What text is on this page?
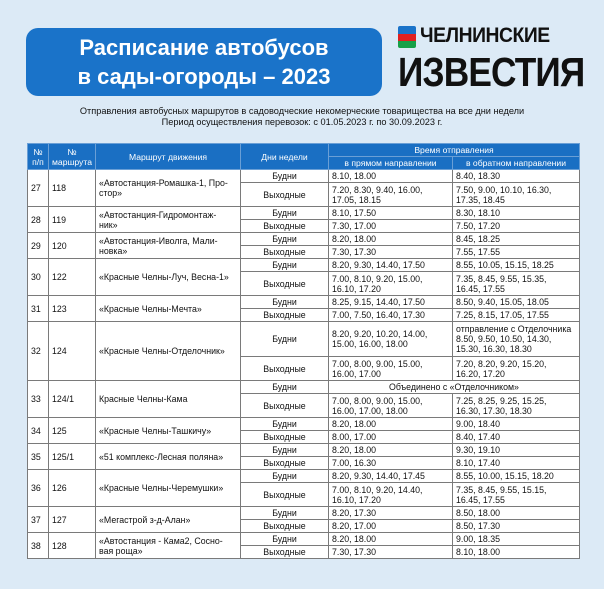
Расписание автобусов
в сады-огороды – 2023
ЧЕЛНИНСКИЕ
ИЗВЕСТИЯ
Отправления автобусных маршрутов в садоводческие некомерческие товарищества на все дни недели
Период осуществления перевозок: с 01.05.2023 г. по 30.09.2023 г.
№
п/п	№
маршрута	Маршрут движения	Дни недели	Время отправления	
				в прямом направлении	в обратном направлении
27	118	«Автостанция-Ромашка-1, Про-
стор»	Будни	8.10, 18.00	8.40, 18.30
			Выходные	7.20, 8.30, 9.40, 16.00,
17.05, 18.15	7.50, 9.00, 10.10, 16.30,
17.35, 18.45
28	119	«Автостанция-Гидромонтаж-
ник»	Будни	8.10, 17.50	8.30, 18.10
			Выходные	7.30, 17.00	7.50, 17.20
29	120	«Автостанция-Иволга, Мали-
новка»	Будни	8.20, 18.00	8.45, 18.25
			Выходные	7.30, 17.30	7.55, 17.55
30	122	«Красные Челны-Луч, Весна-1»	Будни	8.20, 9.30, 14.40, 17.50	8.55, 10.05, 15.15, 18.25
			Выходные	7.00, 8.10, 9.20, 15.00,
16.10, 17.20	7.35, 8.45, 9.55, 15.35,
16.45, 17.55
31	123	«Красные Челны-Мечта»	Будни	8.25, 9.15, 14.40, 17.50	8.50, 9.40, 15.05, 18.05
			Выходные	7.00, 7.50, 16.40, 17.30	7.25, 8.15, 17.05, 17.55
32	124	«Красные Челны-Отделочник»	Будни	8.20, 9.20, 10.20, 14.00,
15.00, 16.00, 18.00	отправление с Отделочника
8.50, 9.50, 10.50, 14.30,
15.30, 16.30, 18.30
			Выходные	7.00, 8.00, 9.00, 15.00,
16.00, 17.00	7.20, 8.20, 9.20, 15.20,
16.20, 17.20
33	124/1	Красные Челны-Кама	Будни	Объединено с «Отделочником»	
			Выходные	7.00, 8.00, 9.00, 15.00,
16.00, 17.00, 18.00	7.25, 8.25, 9.25, 15.25,
16.30, 17.30, 18.30
34	125	«Красные Челны-Ташкичу»	Будни	8.20, 18.00	9.00, 18.40
			Выходные	8.00, 17.00	8.40, 17.40
35	125/1	«51 комплекс-Лесная поляна»	Будни	8.20, 18.00	9.30, 19.10
			Выходные	7.00, 16.30	8.10, 17.40
36	126	«Красные Челны-Черемушки»	Будни	8.20, 9.30, 14.40, 17.45	8.55, 10.00, 15.15, 18.20
			Выходные	7.00, 8.10, 9.20, 14.40,
16.10, 17.20	7.35, 8.45, 9.55, 15.15,
16.45, 17.55
37	127	«Мегастрой з-д-Алан»	Будни	8.20, 17.30	8.50, 18.00
			Выходные	8.20, 17.00	8.50, 17.30
38	128	«Автостанция - Кама2, Сосно-
вая роща»	Будни	8.20, 18.00	9.00, 18.35
			Выходные	7.30, 17.30	8.10, 18.00
